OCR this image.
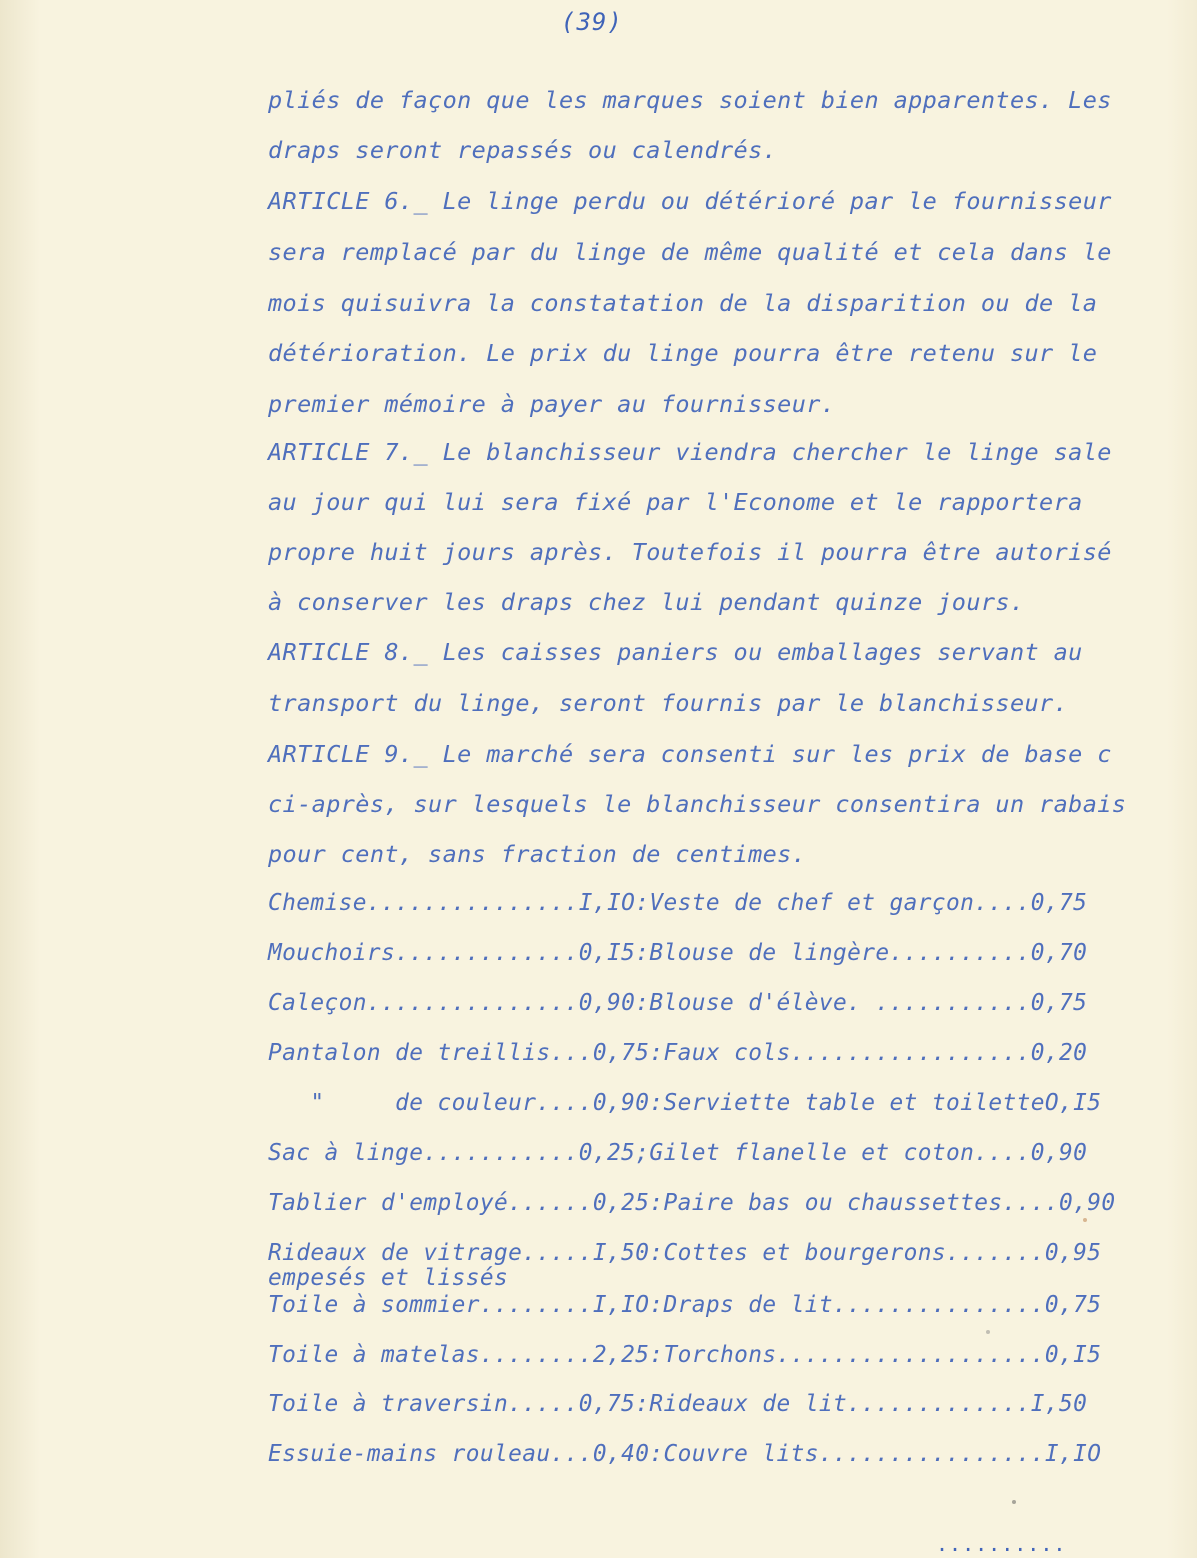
(39)
pliés de façon que les marques soient bien apparentes. Les
draps seront repassés ou calendrés.
ARTICLE 6._ Le linge perdu ou détérioré par le fournisseur
sera remplacé par du linge de même qualité et cela dans le
mois quisuivra la constatation de la disparition ou de la
détérioration. Le prix du linge pourra être retenu sur le
premier mémoire à payer au fournisseur.
ARTICLE 7._ Le blanchisseur viendra chercher le linge sale
au jour qui lui sera fixé par l'Econome et le rapportera
propre huit jours après. Toutefois il pourra être autorisé
à conserver les draps chez lui pendant quinze jours.
ARTICLE 8._ Les caisses paniers ou emballages servant au
transport du linge, seront fournis par le blanchisseur.
ARTICLE 9._ Le marché sera consenti sur les prix de base c
ci-après, sur lesquels le blanchisseur consentira un rabais
pour cent, sans fraction de centimes.
Chemise...............I,IO:Veste de chef et garçon....0,75
Mouchoirs.............0,I5:Blouse de lingère..........0,70
Caleçon...............0,90:Blouse d'élève. ...........0,75
Pantalon de treillis...0,75:Faux cols.................0,20
"     de couleur....0,90:Serviette table et toiletteO,I5
Sac à linge...........0,25;Gilet flanelle et coton....0,90
Tablier d'employé......0,25:Paire bas ou chaussettes....0,90
Rideaux de vitrage.....I,50:Cottes et bourgerons.......0,95
empesés et lissés
Toile à sommier........I,IO:Draps de lit...............0,75
Toile à matelas........2,25:Torchons...................0,I5
Toile à traversin.....0,75:Rideaux de lit.............I,50
Essuie-mains rouleau...0,40:Couvre lits................I,IO
..........
